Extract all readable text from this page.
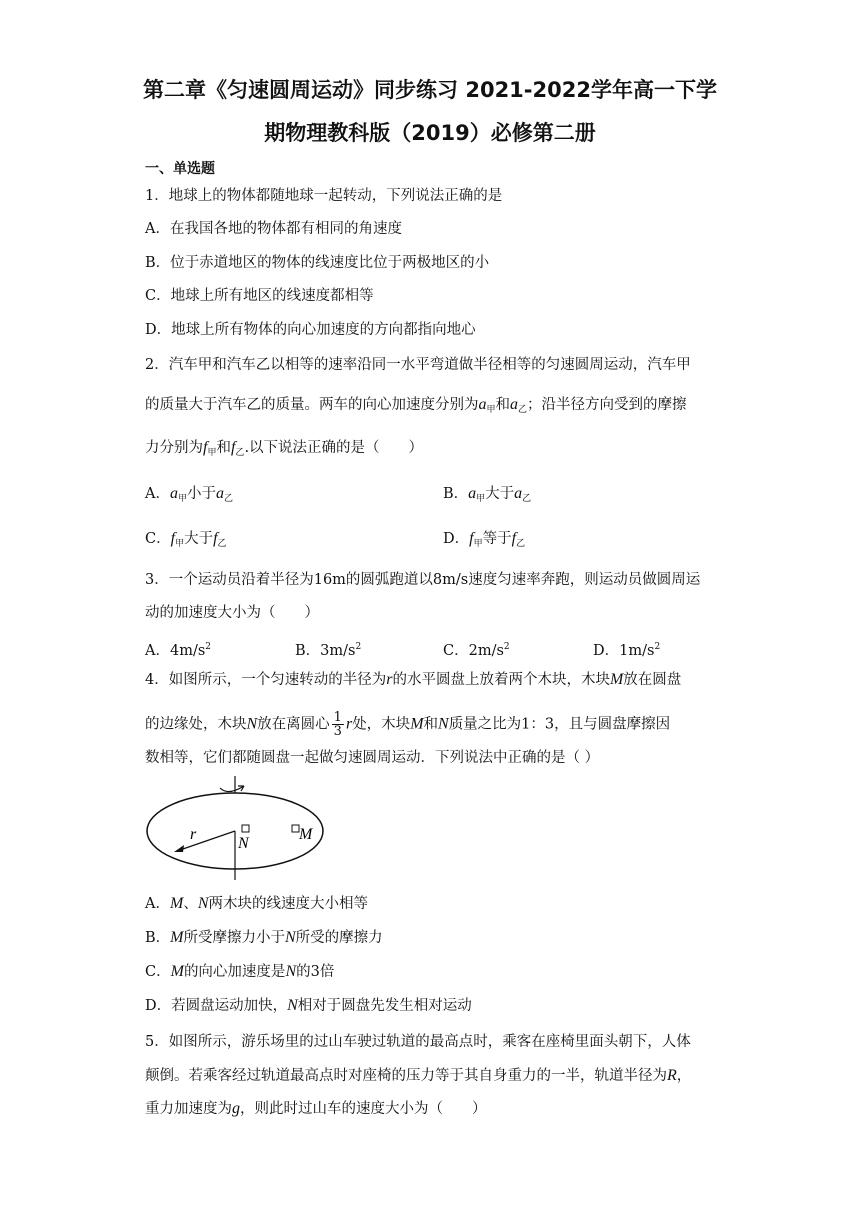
第二章《匀速圆周运动》同步练习 2021-2022学年高一下学
期物理教科版（2019）必修第二册
一、单选题
1．地球上的物体都随地球一起转动，下列说法正确的是
A．在我国各地的物体都有相同的角速度
B．位于赤道地区的物体的线速度比位于两极地区的小
C．地球上所有地区的线速度都相等
D．地球上所有物体的向心加速度的方向都指向地心
2．汽车甲和汽车乙以相等的速率沿同一水平弯道做半径相等的匀速圆周运动，汽车甲
的质量大于汽车乙的质量。两车的向心加速度分别为$a_甲$和$a_乙$；沿半径方向受到的摩擦
力分别为$f_甲$和$f_乙$.以下说法正确的是（　　）
A．$a_甲$小于$a_乙$	B．$a_甲$大于$a_乙$
C．$f_甲$大于$f_乙$	D．$f_甲$等于$f_乙$
3．一个运动员沿着半径为16m的圆弧跑道以8m/s速度匀速率奔跑，则运动员做圆周运
动的加速度大小为（　　）
A．$4m/s^2$	B．$3m/s^2$	C．$2m/s^2$	D．$1m/s^2$
4．如图所示，一个匀速转动的半径为r的水平圆盘上放着两个木块，木块M放在圆盘
的边缘处，木块N放在离圆心 $\frac{1}{3}$ r处，木块M和N质量之比为1：3，且与圆盘摩擦因
数相等，它们都随圆盘一起做匀速圆周运动．下列说法中正确的是（ ）
r
N
M
A．M、N两木块的线速度大小相等
B．M所受摩擦力小于N所受的摩擦力
C．M的向心加速度是N的3倍
D．若圆盘运动加快，N相对于圆盘先发生相对运动
5．如图所示，游乐场里的过山车驶过轨道的最高点时，乘客在座椅里面头朝下，人体
颠倒。若乘客经过轨道最高点时对座椅的压力等于其自身重力的一半，轨道半径为R，
重力加速度为g，则此时过山车的速度大小为（　　）
